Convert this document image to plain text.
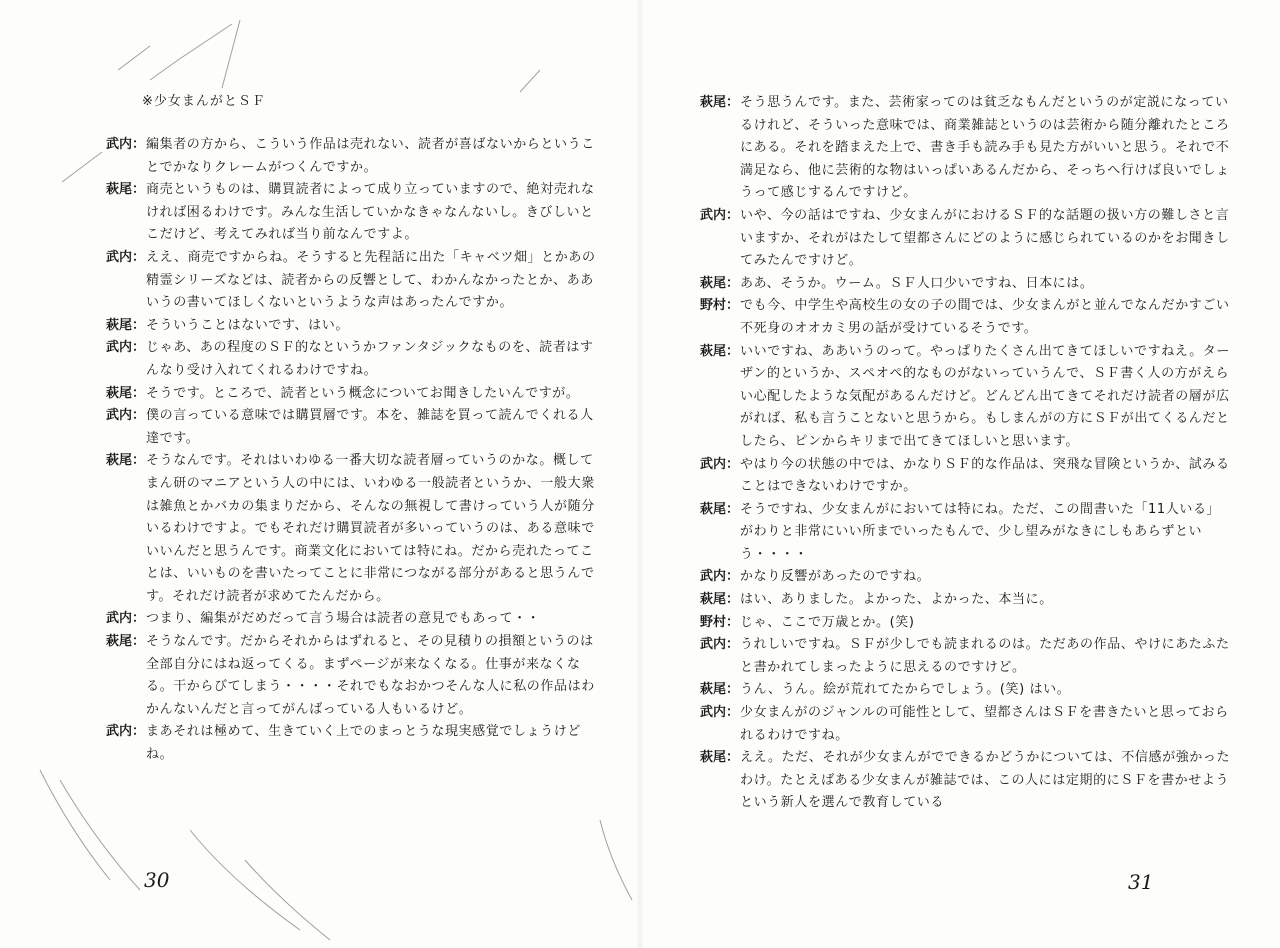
※少女まんがとＳＦ
武内： 編集者の方から、こういう作品は売れない、読者が喜ばないからということでかなりクレームがつくんですか。
萩尾： 商売というものは、購買読者によって成り立っていますので、絶対売れなければ困るわけです。みんな生活していかなきゃなんないし。きびしいとこだけど、考えてみれば当り前なんですよ。
武内： ええ、商売ですからね。そうすると先程話に出た「キャベツ畑」とかあの精霊シリーズなどは、読者からの反響として、わかんなかったとか、ああいうの書いてほしくないというような声はあったんですか。
萩尾： そういうことはないです、はい。
武内： じゃあ、あの程度のＳＦ的なというかファンタジックなものを、読者はすんなり受け入れてくれるわけですね。
萩尾： そうです。ところで、読者という概念についてお聞きしたいんですが。
武内： 僕の言っている意味では購買層です。本を、雑誌を買って読んでくれる人達です。
萩尾： そうなんです。それはいわゆる一番大切な読者層っていうのかな。概してまん研のマニアという人の中には、いわゆる一般読者というか、一般大衆は雑魚とかバカの集まりだから、そんなの無視して書けっていう人が随分いるわけですよ。でもそれだけ購買読者が多いっていうのは、ある意味でいいんだと思うんです。商業文化においては特にね。だから売れたってことは、いいものを書いたってことに非常につながる部分があると思うんです。それだけ読者が求めてたんだから。
武内： つまり、編集がだめだって言う場合は読者の意見でもあって・・
萩尾： そうなんです。だからそれからはずれると、その見積りの損額というのは全部自分にはね返ってくる。まずページが来なくなる。仕事が来なくなる。干からびてしまう・・・・それでもなおかつそんな人に私の作品はわかんないんだと言ってがんばっている人もいるけど。
武内： まあそれは極めて、生きていく上でのまっとうな現実感覚でしょうけどね。
30
萩尾： そう思うんです。また、芸術家ってのは貧乏なもんだというのが定説になっているけれど、そういった意味では、商業雑誌というのは芸術から随分離れたところにある。それを踏まえた上で、書き手も読み手も見た方がいいと思う。それで不満足なら、他に芸術的な物はいっぱいあるんだから、そっちへ行けば良いでしょうって感じするんですけど。
武内： いや、今の話はですね、少女まんがにおけるＳＦ的な話題の扱い方の難しさと言いますか、それがはたして望都さんにどのように感じられているのかをお聞きしてみたんですけど。
萩尾： ああ、そうか。ウーム。ＳＦ人口少いですね、日本には。
野村： でも今、中学生や高校生の女の子の間では、少女まんがと並んでなんだかすごい不死身のオオカミ男の話が受けているそうです。
萩尾： いいですね、ああいうのって。やっぱりたくさん出てきてほしいですねえ。ターザン的というか、スペオペ的なものがないっていうんで、ＳＦ書く人の方がえらい心配したような気配があるんだけど。どんどん出てきてそれだけ読者の層が広がれば、私も言うことないと思うから。もしまんがの方にＳＦが出てくるんだとしたら、ピンからキリまで出てきてほしいと思います。
武内： やはり今の状態の中では、かなりＳＦ的な作品は、突飛な冒険というか、試みることはできないわけですか。
萩尾： そうですね、少女まんがにおいては特にね。ただ、この間書いた「11人いる」がわりと非常にいい所までいったもんで、少し望みがなきにしもあらずという・・・・
武内： かなり反響があったのですね。
萩尾： はい、ありました。よかった、よかった、本当に。
野村： じゃ、ここで万歳とか。(笑)
武内： うれしいですね。ＳＦが少しでも読まれるのは。ただあの作品、やけにあたふたと書かれてしまったように思えるのですけど。
萩尾： うん、うん。絵が荒れてたからでしょう。(笑) はい。
武内： 少女まんがのジャンルの可能性として、望都さんはＳＦを書きたいと思っておられるわけですね。
萩尾： ええ。ただ、それが少女まんがでできるかどうかについては、不信感が強かったわけ。たとえばある少女まんが雑誌では、この人には定期的にＳＦを書かせようという新人を選んで教育している
31
